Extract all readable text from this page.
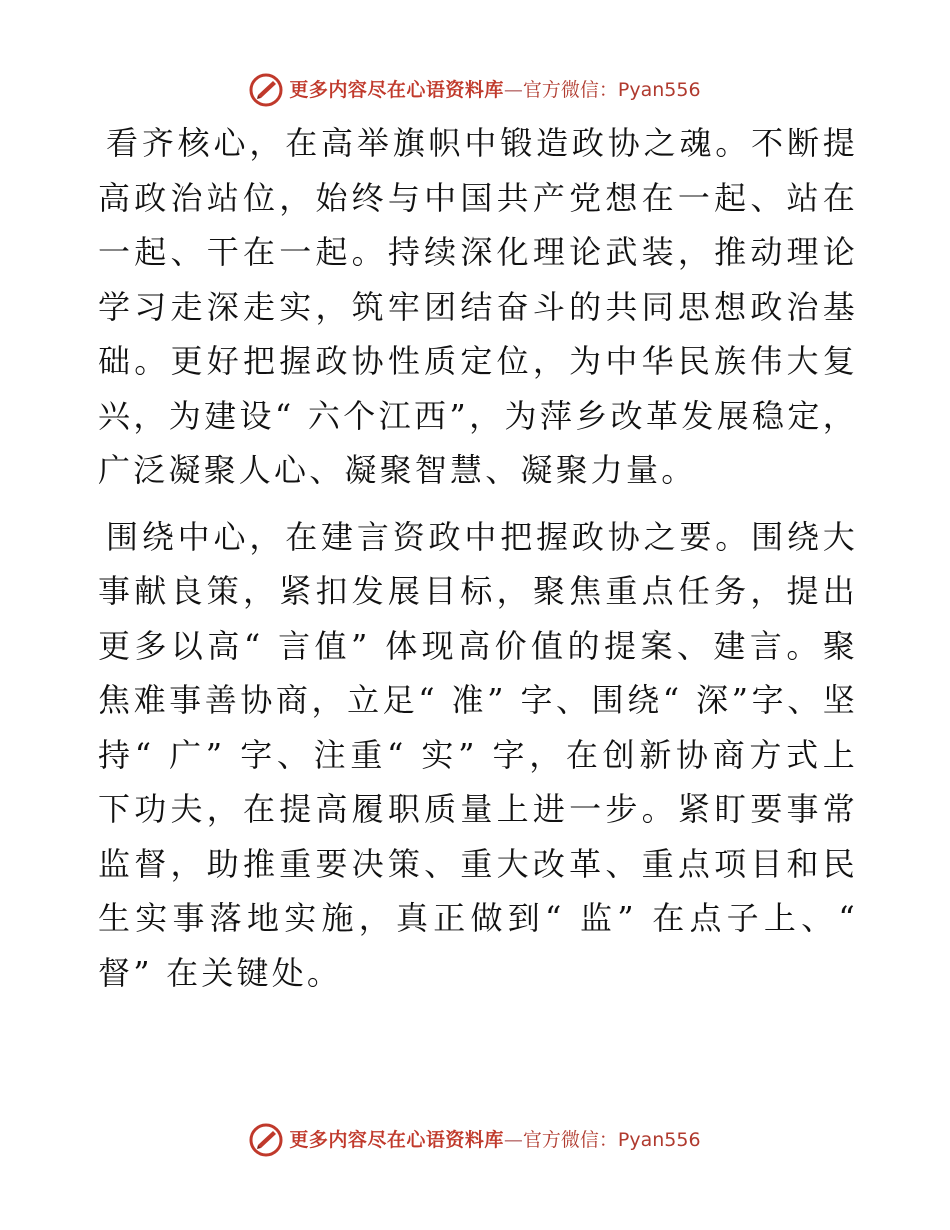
更多内容尽在心语资料库 — 官方微信：Pyan556

看齐核心，在高举旗帜中锻造政协之魂。不断提高政治站位，始终与中国共产党想在一起、站在一起、干在一起。持续深化理论武装，推动理论学习走深走实，筑牢团结奋斗的共同思想政治基础。更好把握政协性质定位，为中华民族伟大复兴，为建设“ 六个江西”，为萍乡改革发展稳定，广泛凝聚人心、凝聚智慧、凝聚力量。

围绕中心，在建言资政中把握政协之要。围绕大事献良策，紧扣发展目标，聚焦重点任务，提出更多以高“ 言值” 体现高价值的提案、建言。聚焦难事善协商，立足“ 准” 字、围绕“ 深”字、坚持“ 广” 字、注重“ 实” 字，在创新协商方式上下功夫，在提高履职质量上进一步。紧盯要事常监督，助推重要决策、重大改革、重点项目和民生实事落地实施，真正做到“ 监” 在点子上、“ 督” 在关键处。

更多内容尽在心语资料库 — 官方微信：Pyan556
